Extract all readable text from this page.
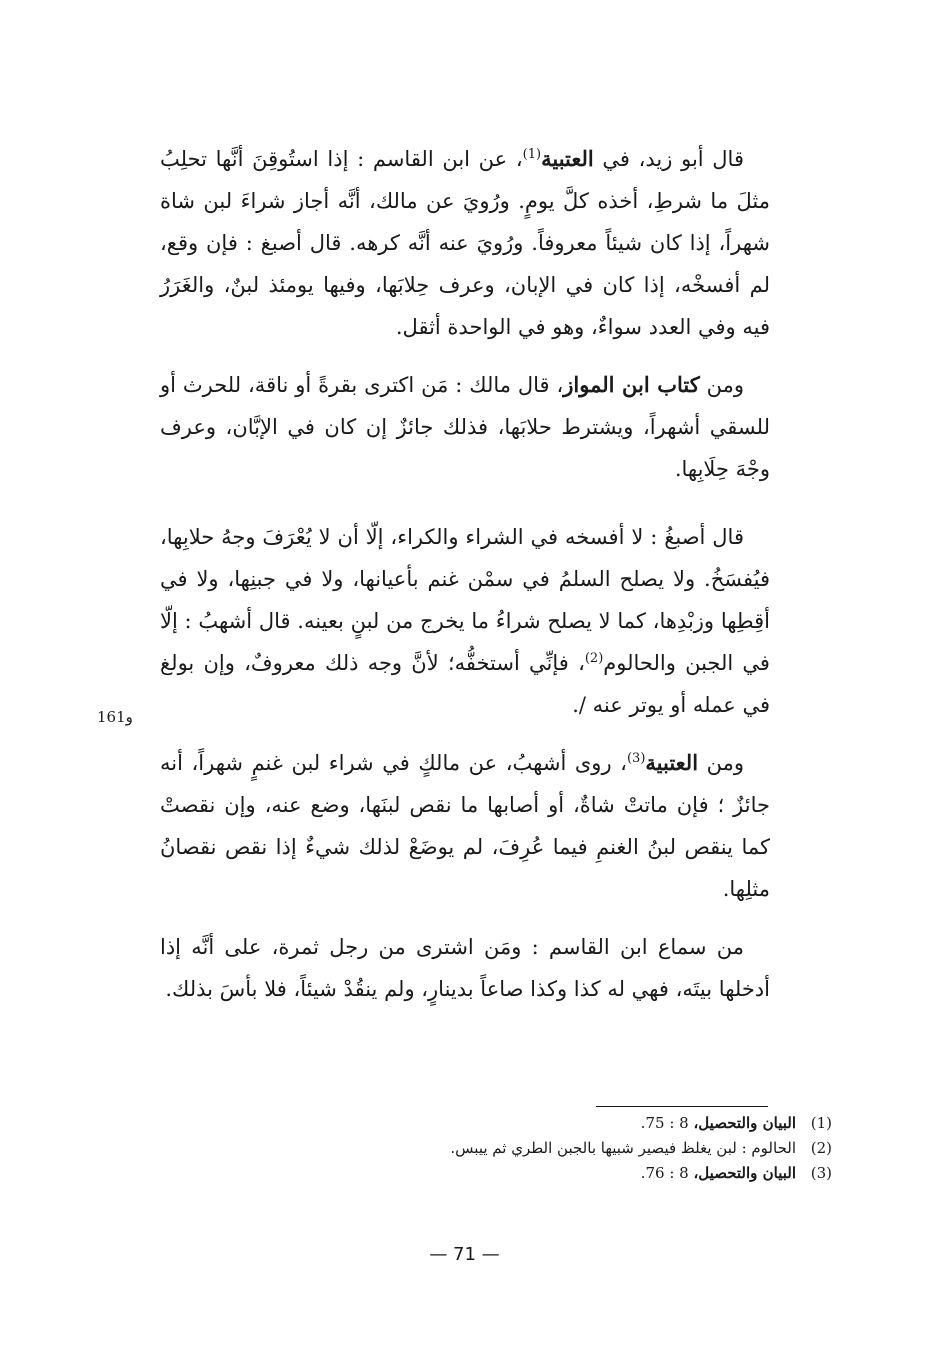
قال أبو زيد، في العتبية$^{(1)}$، عن ابن القاسم : إذا استُوقِنَ أنَّها تحلِبُ مثلَ ما شرطِ، أخذه كلَّ يومٍ. ورُويَ عن مالك، أنَّه أجاز شراءَ لبن شاة شهراً، إذا كان شيئاً معروفاً. ورُويَ عنه أنَّه كرهه. قال أصبغ : فإن وقع، لم أفسخْه، إذا كان في الإبان، وعرف حِلابَها، وفيها يومئذ لبنٌ، والغَرَرُ فيه وفي العدد سواءٌ، وهو في الواحدة أثقل.

ومن كتاب ابن المواز، قال مالك : مَن اكترى بقرةً أو ناقة، للحرث أو للسقي أشهراً، ويشترط حلابَها، فذلك جائزٌ إن كان في الإبَّان، وعرف وجْهَ حِلَابِها.

قال أصبغُ : لا أفسخه في الشراء والكراء، إلّا أن لا يُعْرَفَ وجهُ حلابِها، فيُفسَخُ. ولا يصلح السلمُ في سمْن غنم بأعيانها، ولا في جبنِها، ولا في أقِطِها وزبْدِها، كما لا يصلح شراءُ ما يخرج من لبنٍ بعينه. قال أشهبُ : إلّا في الجبن والحالوم$^{(2)}$، فإنِّي أستخفُّه؛ لأنَّ وجه ذلك معروفٌ، وإن بولغ في عمله أو يوتر عنه /.

ومن العتبية$^{(3)}$، روى أشهبُ، عن مالكٍ في شراء لبن غنمٍ شهراً، أنه جائزٌ ؛ فإن ماتتْ شاةٌ، أو أصابها ما نقص لبنَها، وضع عنه، وإن نقصتْ كما ينقص لبنُ الغنمِ فيما عُرِفَ، لم يوضَعْ لذلك شيءٌ إذا نقص نقصانُ مثلِها.

من سماع ابن القاسم : ومَن اشترى من رجل ثمرة، على أنَّه إذا أدخلها بيتَه، فهي له كذا وكذا صاعاً بدينارٍ، ولم ينقُدْ شيئاً، فلا بأسَ بذلك.

161و
(1)البيان والتحصيل، 8 : 75.
(2)الحالوم : لبن يغلظ فيصير شبيها بالجبن الطري ثم ييبس.
(3)البيان والتحصيل، 8 : 76.
— 71 —
